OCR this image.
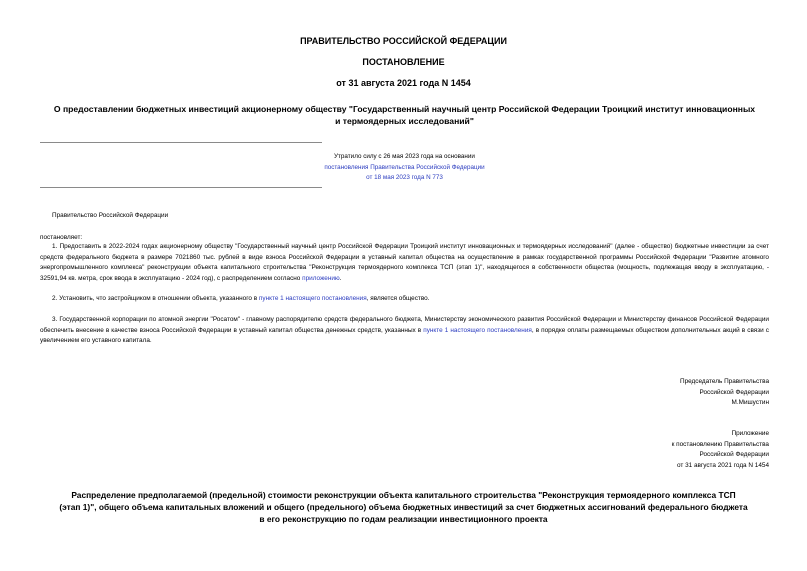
ПРАВИТЕЛЬСТВО РОССИЙСКОЙ ФЕДЕРАЦИИ
ПОСТАНОВЛЕНИЕ
от 31 августа 2021 года N 1454
О предоставлении бюджетных инвестиций акционерному обществу "Государственный научный центр Российской Федерации Троицкий институт инновационных
и термоядерных исследований"
Утратило силу с 26 мая 2023 года на основании
постановления Правительства Российской Федерации
от 18 мая 2023 года N 773
Правительство Российской Федерации
постановляет:

1. Предоставить в 2022-2024 годах акционерному обществу "Государственный научный центр Российской Федерации Троицкий институт инновационных и термоядерных исследований" (далее - общество) бюджетные инвестиции за счет средств федерального бюджета в размере 7021860 тыс. рублей в виде взноса Российской Федерации в уставный капитал общества на осуществление в рамках государственной программы Российской Федерации "Развитие атомного энергопромышленного комплекса" реконструкции объекта капитального строительства "Реконструкция термоядерного комплекса ТСП (этап 1)", находящегося в собственности общества (мощность, подлежащая вводу в эксплуатацию, - 32591,94 кв. метра, срок ввода в эксплуатацию - 2024 год), с распределением согласно приложению.

2. Установить, что застройщиком в отношении объекта, указанного в пункте 1 настоящего постановления, является общество.

3. Государственной корпорации по атомной энергии "Росатом" - главному распорядителю средств федерального бюджета, Министерству экономического развития Российской Федерации и Министерству финансов Российской Федерации обеспечить внесение в качестве взноса Российской Федерации в уставный капитал общества денежных средств, указанных в пункте 1 настоящего постановления, в порядке оплаты размещаемых обществом дополнительных акций в связи с увеличением его уставного капитала.

Председатель Правительства
Российской Федерации
М.Мишустин
Приложение
к постановлению Правительства
Российской Федерации
от 31 августа 2021 года N 1454
Распределение предполагаемой (предельной) стоимости реконструкции объекта капитального строительства "Реконструкция термоядерного комплекса ТСП
(этап 1)", общего объема капитальных вложений и общего (предельного) объема бюджетных инвестиций за счет бюджетных ассигнований федерального бюджета
в его реконструкцию по годам реализации инвестиционного проекта
